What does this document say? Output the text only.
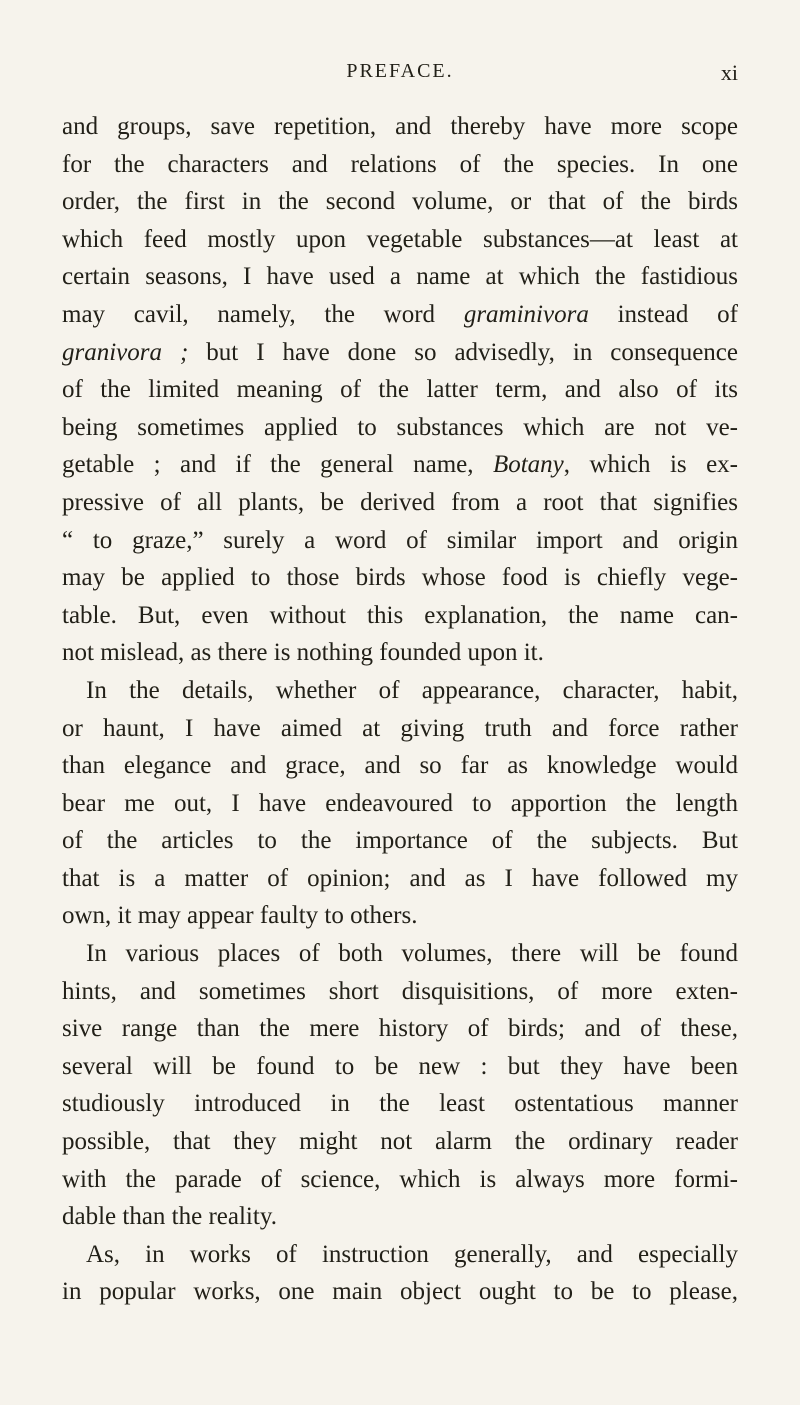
PREFACE.	xi
and groups, save repetition, and thereby have more scope
for the characters and relations of the species. In one
order, the first in the second volume, or that of the birds
which feed mostly upon vegetable substances—at least at
certain seasons, I have used a name at which the fastidious
may cavil, namely, the word graminivora instead of
granivora ; but I have done so advisedly, in consequence
of the limited meaning of the latter term, and also of its
being sometimes applied to substances which are not ve-
getable ; and if the general name, Botany, which is ex-
pressive of all plants, be derived from a root that signifies
“ to graze,” surely a word of similar import and origin
may be applied to those birds whose food is chiefly vege-
table. But, even without this explanation, the name can-
not mislead, as there is nothing founded upon it.
In the details, whether of appearance, character, habit,
or haunt, I have aimed at giving truth and force rather
than elegance and grace, and so far as knowledge would
bear me out, I have endeavoured to apportion the length
of the articles to the importance of the subjects. But
that is a matter of opinion; and as I have followed my
own, it may appear faulty to others.
In various places of both volumes, there will be found
hints, and sometimes short disquisitions, of more exten-
sive range than the mere history of birds; and of these,
several will be found to be new : but they have been
studiously introduced in the least ostentatious manner
possible, that they might not alarm the ordinary reader
with the parade of science, which is always more formi-
dable than the reality.
As, in works of instruction generally, and especially
in popular works, one main object ought to be to please,
